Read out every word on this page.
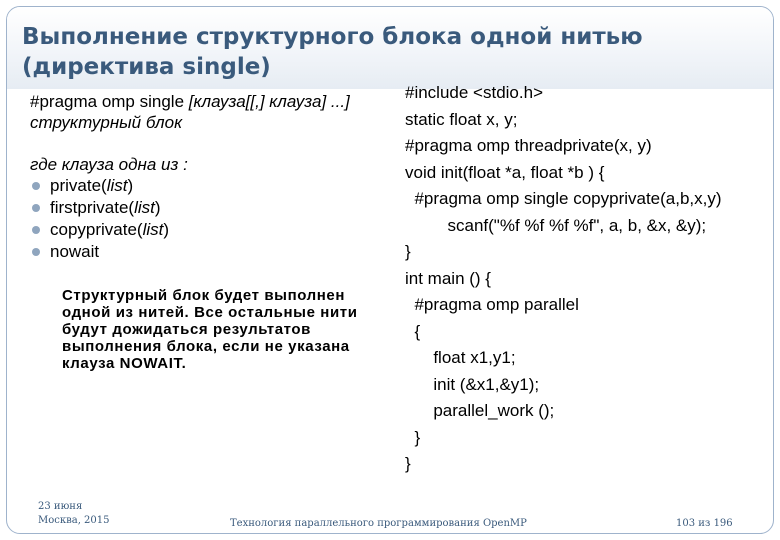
Выполнение структурного блока одной нитью (директива single)
#pragma omp single [клауза[[,] клауза] ...]
структурный блок
где клауза одна из :
private(list)
firstprivate(list)
copyprivate(list)
nowait
Структурный блок будет выполнен
одной из нитей. Все остальные нити
будут дожидаться результатов
выполнения блока, если не указана
клауза NOWAIT.
#include <stdio.h>
static float x, y;
#pragma omp threadprivate(x, y)
void init(float *a, float *b ) {
#pragma omp single copyprivate(a,b,x,y)
scanf("%f %f %f %f", a, b, &x, &y);
}
int main () {
#pragma omp parallel
{
float x1,y1;
init (&x1,&y1);
parallel_work ();
}
}
23 июня
Москва, 2015	Технология параллельного программирования OpenMP	103 из 196
